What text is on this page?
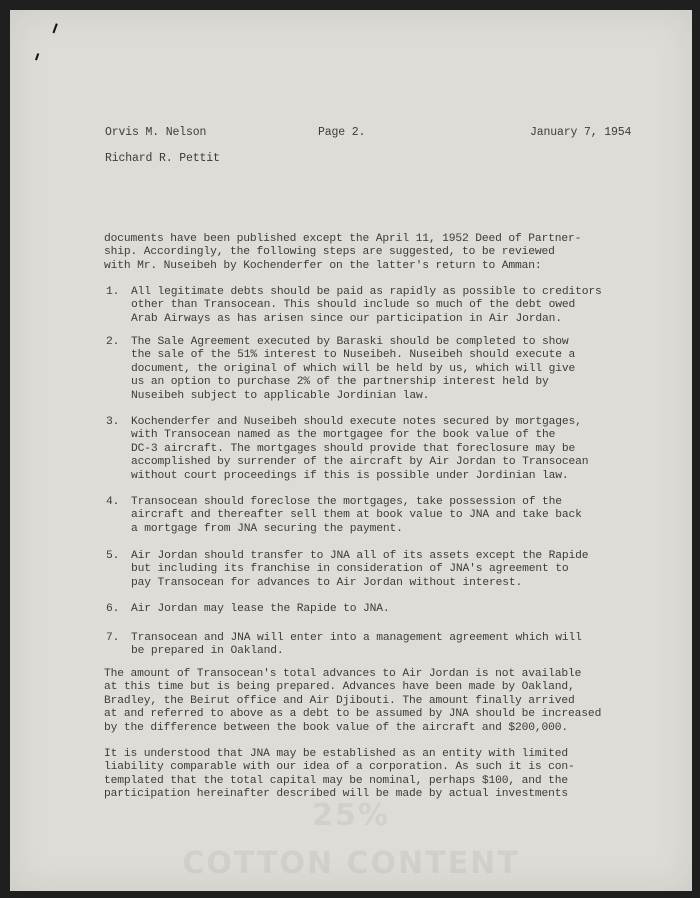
25%
COTTON CONTENT
Orvis M. Nelson	Page 2.	January 7, 1954
Richard R. Pettit
documents have been published except the April 11, 1952 Deed of Partner-
ship. Accordingly, the following steps are suggested, to be reviewed
with Mr. Nuseibeh by Kochenderfer on the latter's return to Amman:
1. All legitimate debts should be paid as rapidly as possible to creditors
other than Transocean. This should include so much of the debt owed
Arab Airways as has arisen since our participation in Air Jordan.
2. The Sale Agreement executed by Baraski should be completed to show
the sale of the 51% interest to Nuseibeh. Nuseibeh should execute a
document, the original of which will be held by us, which will give
us an option to purchase 2% of the partnership interest held by
Nuseibeh subject to applicable Jordinian law.
3. Kochenderfer and Nuseibeh should execute notes secured by mortgages,
with Transocean named as the mortgagee for the book value of the
DC-3 aircraft. The mortgages should provide that foreclosure may be
accomplished by surrender of the aircraft by Air Jordan to Transocean
without court proceedings if this is possible under Jordinian law.
4. Transocean should foreclose the mortgages, take possession of the
aircraft and thereafter sell them at book value to JNA and take back
a mortgage from JNA securing the payment.
5. Air Jordan should transfer to JNA all of its assets except the Rapide
but including its franchise in consideration of JNA's agreement to
pay Transocean for advances to Air Jordan without interest.
6. Air Jordan may lease the Rapide to JNA.
7. Transocean and JNA will enter into a management agreement which will
be prepared in Oakland.
The amount of Transocean's total advances to Air Jordan is not available
at this time but is being prepared. Advances have been made by Oakland,
Bradley, the Beirut office and Air Djibouti. The amount finally arrived
at and referred to above as a debt to be assumed by JNA should be increased
by the difference between the book value of the aircraft and $200,000.
It is understood that JNA may be established as an entity with limited
liability comparable with our idea of a corporation. As such it is con-
templated that the total capital may be nominal, perhaps $100, and the
participation hereinafter described will be made by actual investments
